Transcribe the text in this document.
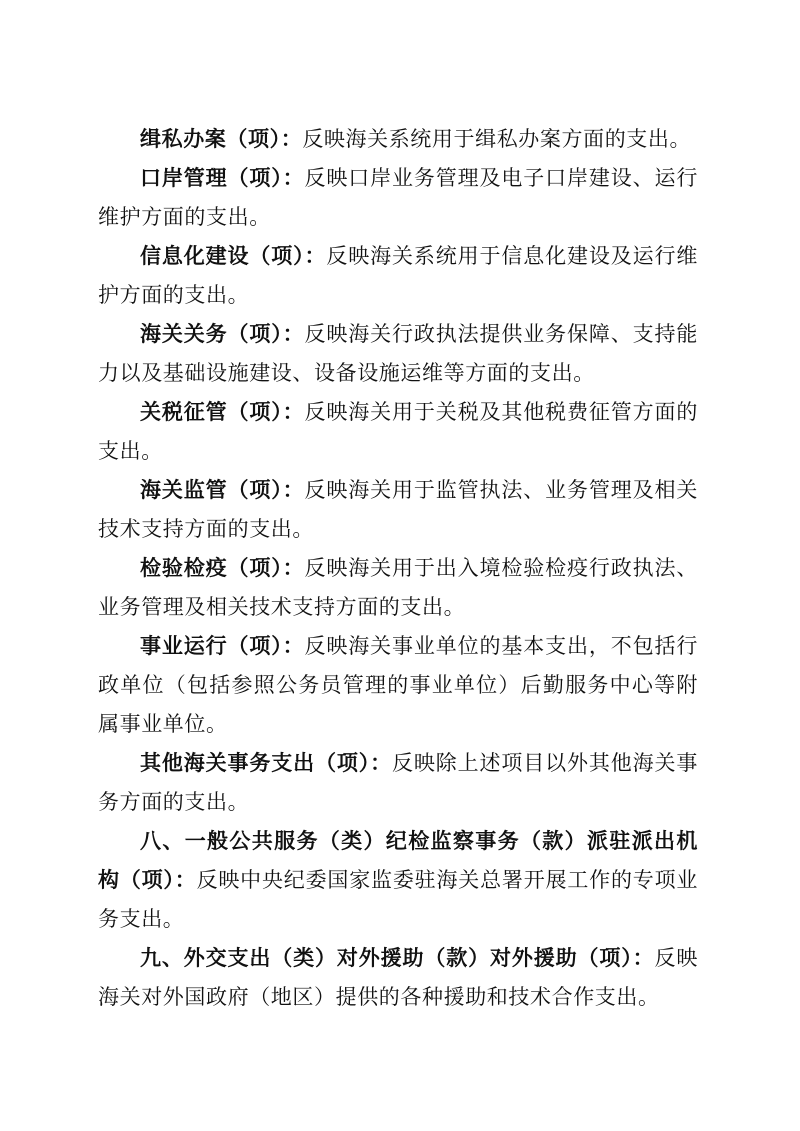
缉私办案（项）：反映海关系统用于缉私办案方面的支出。

口岸管理（项）：反映口岸业务管理及电子口岸建设、运行维护方面的支出。

信息化建设（项）：反映海关系统用于信息化建设及运行维护方面的支出。

海关关务（项）：反映海关行政执法提供业务保障、支持能力以及基础设施建设、设备设施运维等方面的支出。

关税征管（项）：反映海关用于关税及其他税费征管方面的支出。

海关监管（项）：反映海关用于监管执法、业务管理及相关技术支持方面的支出。

检验检疫（项）：反映海关用于出入境检验检疫行政执法、业务管理及相关技术支持方面的支出。

事业运行（项）：反映海关事业单位的基本支出，不包括行政单位（包括参照公务员管理的事业单位）后勤服务中心等附属事业单位。

其他海关事务支出（项）：反映除上述项目以外其他海关事务方面的支出。

八、一般公共服务（类）纪检监察事务（款）派驻派出机构（项）：反映中央纪委国家监委驻海关总署开展工作的专项业务支出。

九、外交支出（类）对外援助（款）对外援助（项）：反映海关对外国政府（地区）提供的各种援助和技术合作支出。
